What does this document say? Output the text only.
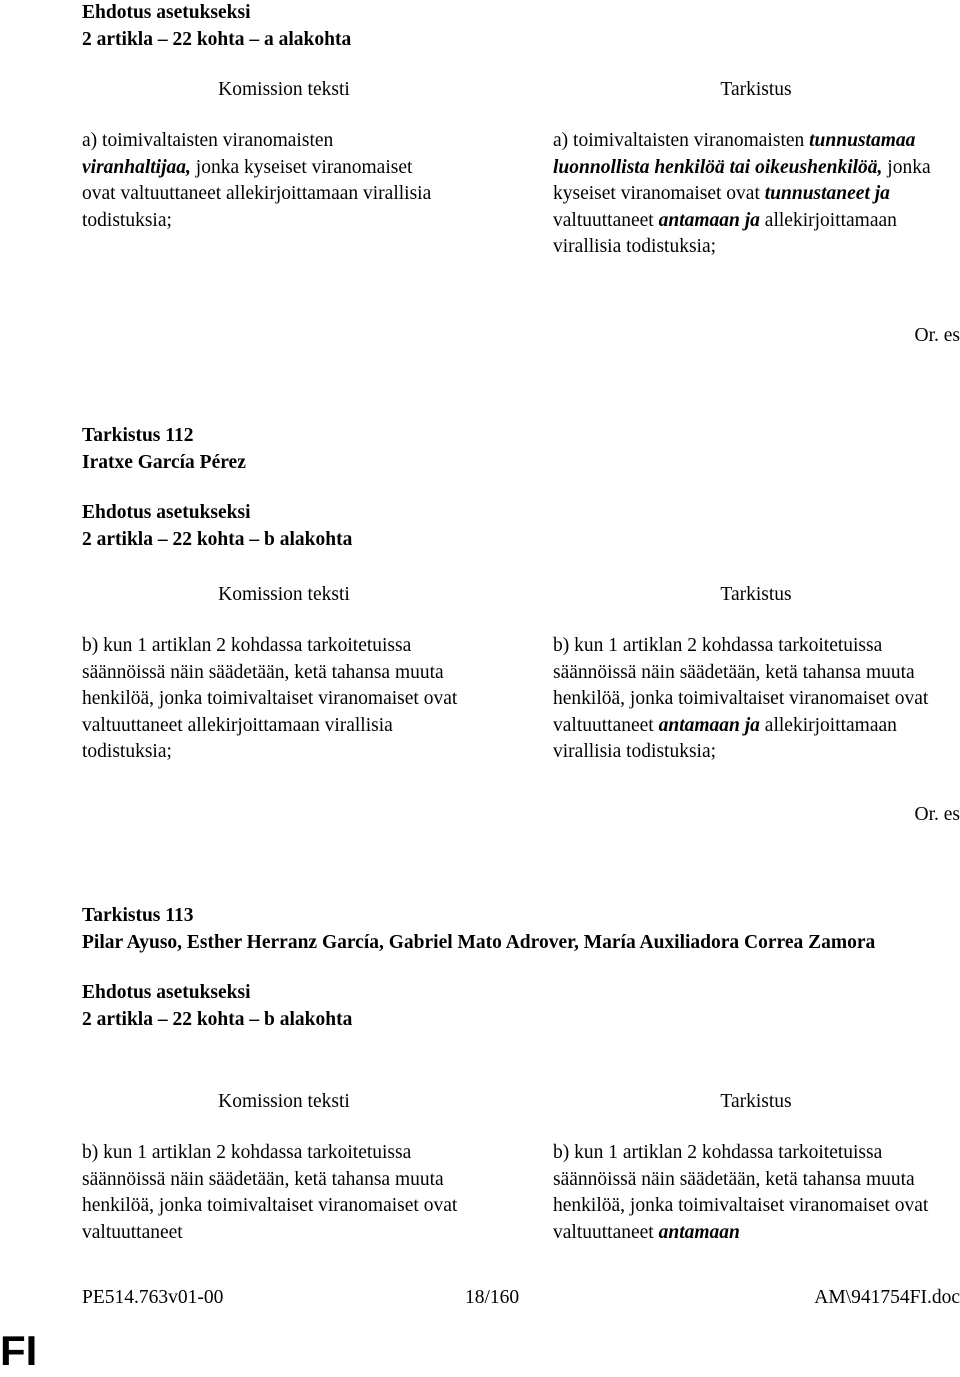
Ehdotus asetukseksi
2 artikla – 22 kohta – a alakohta
Komission teksti	Tarkistus

a) toimivaltaisten viranomaisten viranhaltijaa, jonka kyseiset viranomaiset ovat valtuuttaneet allekirjoittamaan virallisia todistuksia;

a) toimivaltaisten viranomaisten tunnustamaa luonnollista henkilöä tai oikeushenkilöä, jonka kyseiset viranomaiset ovat tunnustaneet ja valtuuttaneet antamaan ja allekirjoittamaan virallisia todistuksia;

Or. es
Tarkistus 112
Iratxe García Pérez
Ehdotus asetukseksi
2 artikla – 22 kohta – b alakohta
Komission teksti	Tarkistus

b) kun 1 artiklan 2 kohdassa tarkoitetuissa säännöissä näin säädetään, ketä tahansa muuta henkilöä, jonka toimivaltaiset viranomaiset ovat valtuuttaneet allekirjoittamaan virallisia todistuksia;

b) kun 1 artiklan 2 kohdassa tarkoitetuissa säännöissä näin säädetään, ketä tahansa muuta henkilöä, jonka toimivaltaiset viranomaiset ovat valtuuttaneet antamaan ja allekirjoittamaan virallisia todistuksia;

Or. es
Tarkistus 113
Pilar Ayuso, Esther Herranz García, Gabriel Mato Adrover, María Auxiliadora Correa Zamora
Ehdotus asetukseksi
2 artikla – 22 kohta – b alakohta
Komission teksti	Tarkistus

b) kun 1 artiklan 2 kohdassa tarkoitetuissa säännöissä näin säädetään, ketä tahansa muuta henkilöä, jonka toimivaltaiset viranomaiset ovat valtuuttaneet

b) kun 1 artiklan 2 kohdassa tarkoitetuissa säännöissä näin säädetään, ketä tahansa muuta henkilöä, jonka toimivaltaiset viranomaiset ovat valtuuttaneet antamaan

PE514.763v01-00	18/160	AM\941754FI.doc
FI
